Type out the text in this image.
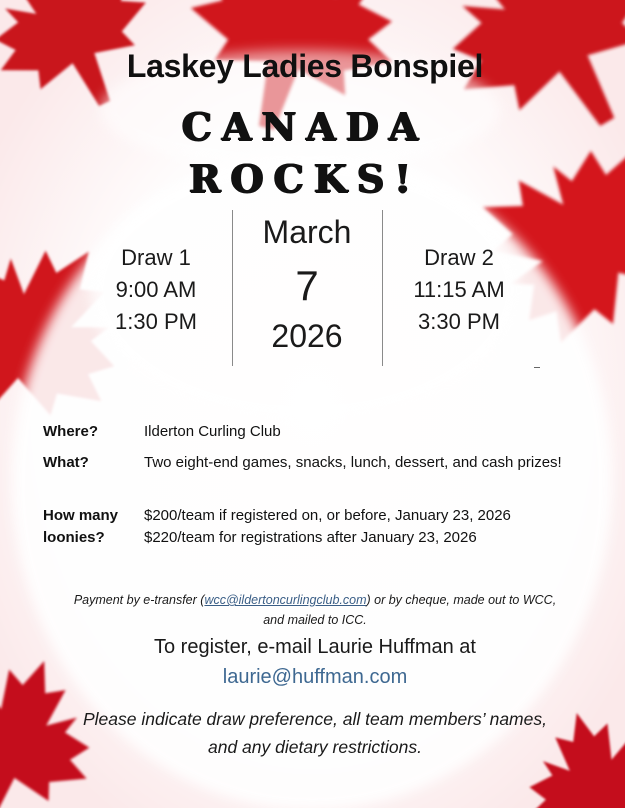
Laskey Ladies Bonspiel
CANADA
ROCKS!
Draw 1
9:00 AM
1:30 PM
March
7
2026
Draw 2
11:15 AM
3:30 PM
Where?	Ilderton Curling Club
What?	Two eight-end games, snacks, lunch, dessert, and cash prizes!
How many
loonies?
$200/team if registered on, or before, January 23, 2026
$220/team for registrations after January 23, 2026
Payment by e-transfer (wcc@ildertoncurlingclub.com) or by cheque, made out to WCC,
and mailed to ICC.
To register, e-mail Laurie Huffman at
laurie@huffman.com
Please indicate draw preference, all team members’ names,
and any dietary restrictions.
